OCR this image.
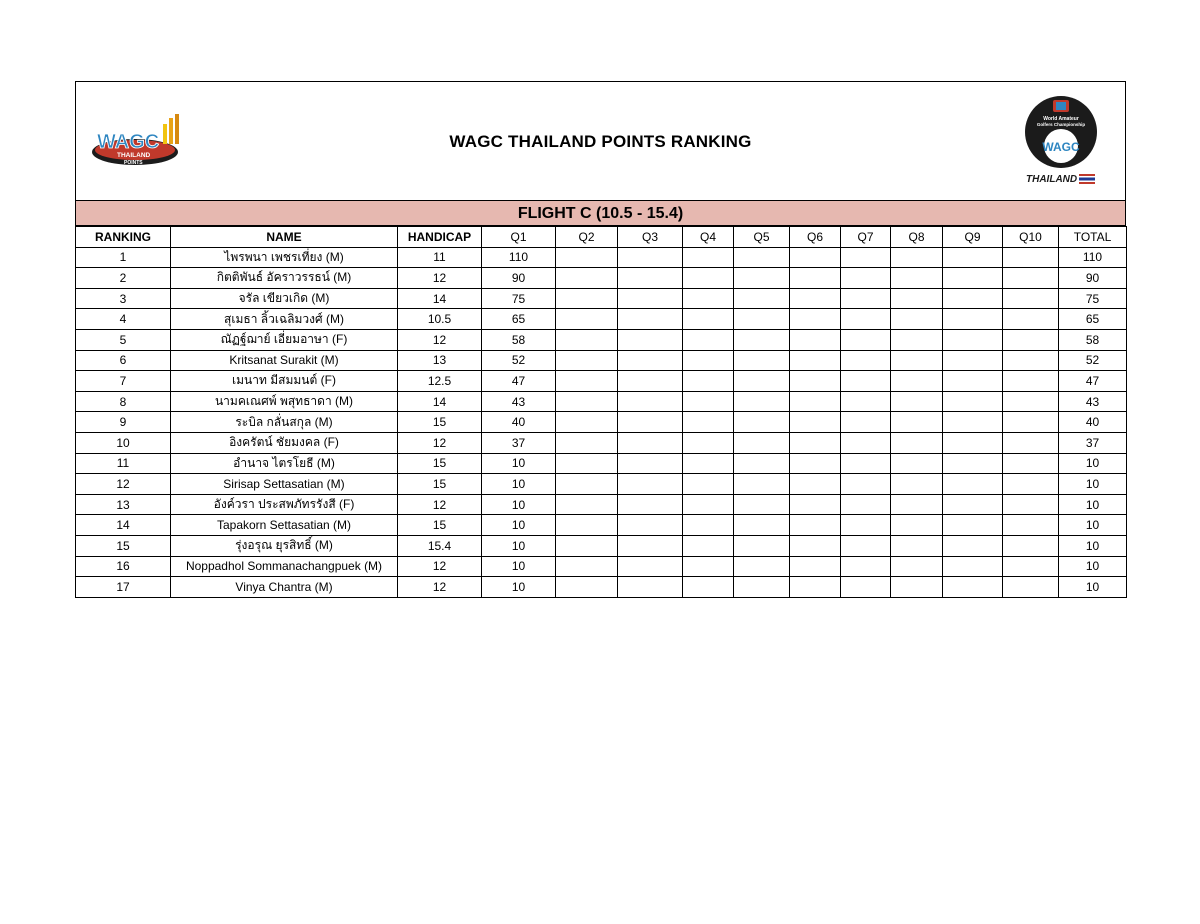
WAGC
THAILAND
POINTS
WAGC THAILAND POINTS RANKING
World Amateur
Golfers Championship
WAGC
THAILAND
FLIGHT C (10.5 - 15.4)
RANKING	NAME	HANDICAP	Q1	Q2	Q3	Q4	Q5	Q6	Q7	Q8	Q9	Q10	TOTAL
1	ไพรพนา เพชรเที่ยง (M)	11	110										110
2	กิตติพันธ์ อัคราวรรธน์ (M)	12	90										90
3	จรัล เขียวเกิด (M)	14	75										75
4	สุเมธา ลิ้วเฉลิมวงศ์ (M)	10.5	65										65
5	ณัฏฐ์ฌาย์ เอี่ยมอาษา (F)	12	58										58
6	Kritsanat Surakit (M)	13	52										52
7	เมนาท มีสมมนต์ (F)	12.5	47										47
8	นามคเณศพ์ พสุทธาดา (M)	14	43										43
9	ระบิล กลั่นสกุล (M)	15	40										40
10	อิงครัตน์ ชัยมงคล (F)	12	37										37
11	อำนาจ ไตรโยธี (M)	15	10										10
12	Sirisap Settasatian (M)	15	10										10
13	อังค์วรา ประสพภัทรรังสี (F)	12	10										10
14	Tapakorn Settasatian (M)	15	10										10
15	รุ่งอรุณ ยุรสิทธิ์ (M)	15.4	10										10
16	Noppadhol Sommanachangpuek (M)	12	10										10
17	Vinya Chantra (M)	12	10										10
